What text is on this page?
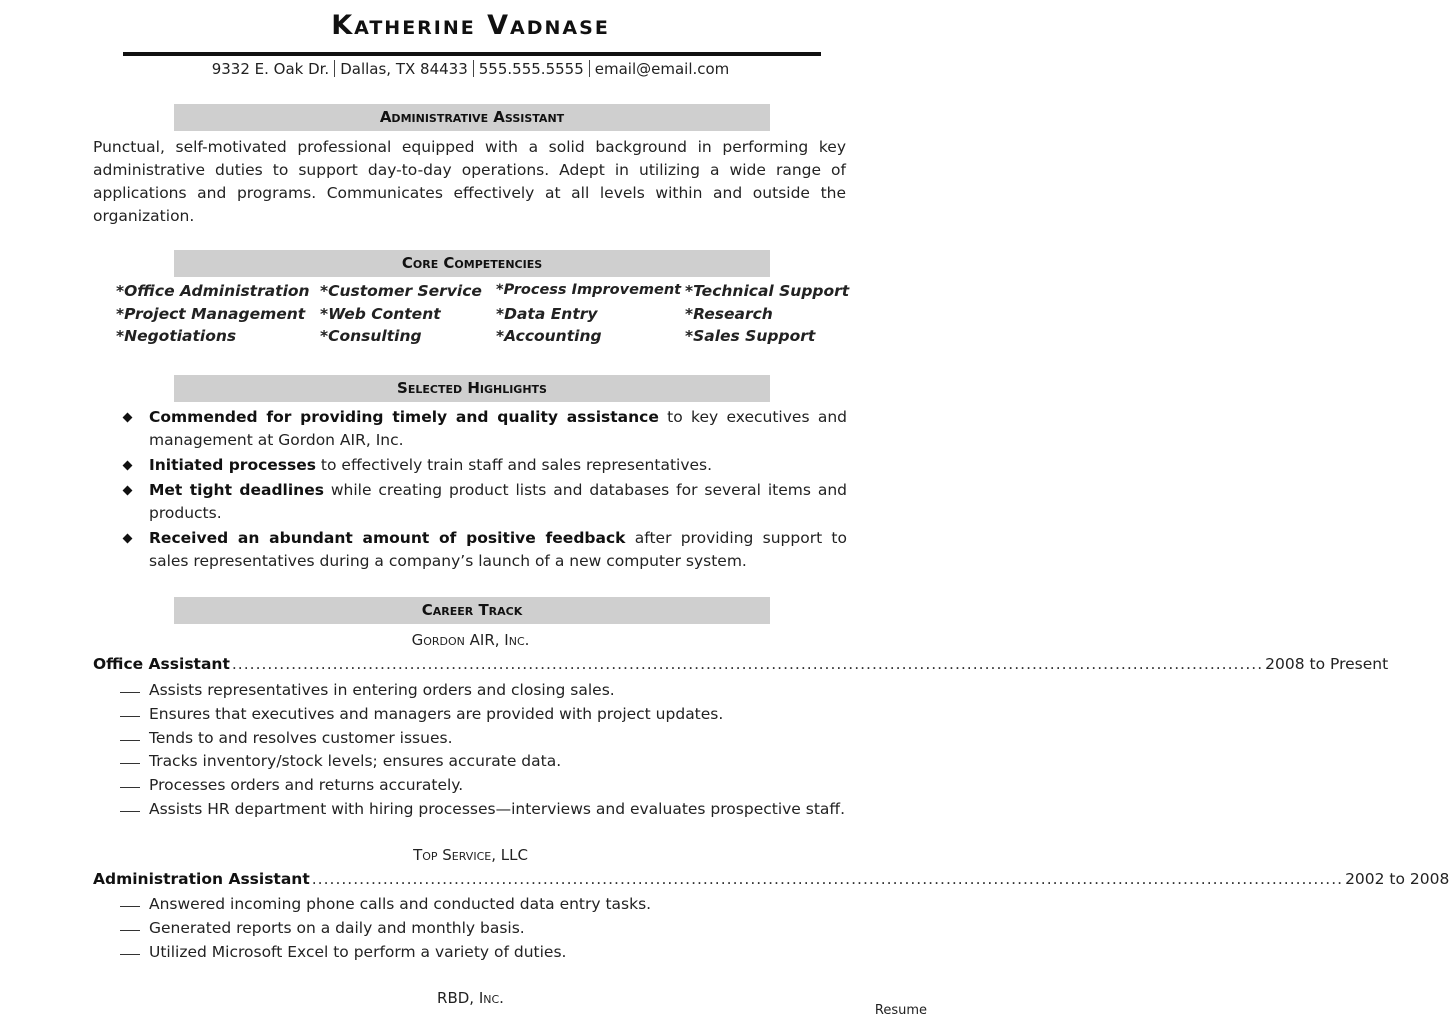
Katherine Vadnase
9332 E. Oak Dr. Dallas, TX 84433 555.555.5555 email@email.com
Administrative Assistant
Punctual, self-motivated professional equipped with a solid background in performing key administrative duties to support day-to-day operations. Adept in utilizing a wide range of applications and programs. Communicates effectively at all levels within and outside the organization.
Core Competencies
*Office Administration *Customer Service *Process Improvement *Technical Support
*Project Management *Web Content	*Data Entry	*Research
*Negotiations	*Consulting	*Accounting	*Sales Support
Selected Highlights
Commended for providing timely and quality assistance to key executives and management at Gordon AIR, Inc.
Initiated processes to effectively train staff and sales representatives.
Met tight deadlines while creating product lists and databases for several items and products.
Received an abundant amount of positive feedback after providing support to sales representatives during a company’s launch of a new computer system.
Career Track
Gordon AIR, Inc.
Office Assistant .............................................................................................................................................................................. 2008 to Present
Assists representatives in entering orders and closing sales.
Ensures that executives and managers are provided with project updates.
Tends to and resolves customer issues.
Tracks inventory/stock levels; ensures accurate data.
Processes orders and returns accurately.
Assists HR department with hiring processes—interviews and evaluates prospective staff.
Top Service, LLC
Administration Assistant .............................................................................................................................................................................. 2002 to 2008
Answered incoming phone calls and conducted data entry tasks.
Generated reports on a daily and monthly basis.
Utilized Microsoft Excel to perform a variety of duties.
RBD, Inc.
Resume
